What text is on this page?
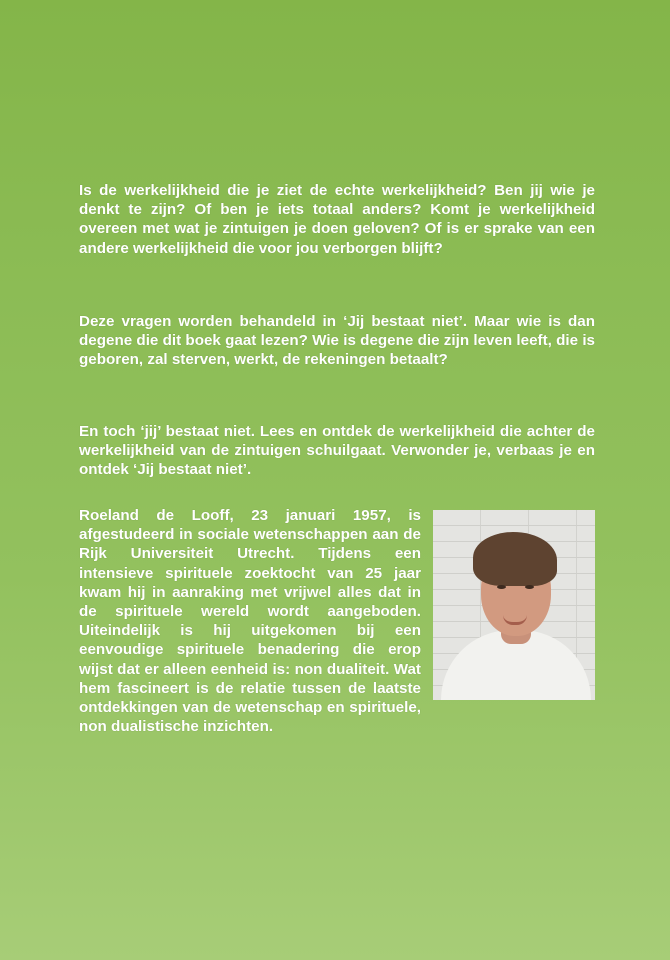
Is de werkelijkheid die je ziet de echte werkelijkheid? Ben jij wie je denkt te zijn? Of ben je iets totaal anders? Komt je werkelijkheid overeen met wat je zintuigen je doen geloven? Of is er sprake van een andere werkelijkheid die voor jou verborgen blijft?

Deze vragen worden behandeld in ‘Jij bestaat niet’. Maar wie is dan degene die dit boek gaat lezen? Wie is degene die zijn leven leeft, die is geboren, zal sterven, werkt, de rekeningen betaalt?

En toch ‘jij’ bestaat niet. Lees en ontdek de werkelijkheid die achter de werkelijkheid van de zintuigen schuilgaat. Verwonder je, verbaas je en ontdek ‘Jij bestaat niet’.

Roeland de Looff, 23 januari 1957, is afgestudeerd in sociale wetenschappen aan de Rijk Universiteit Utrecht. Tijdens een intensieve spirituele zoektocht van 25 jaar kwam hij in aanraking met vrijwel alles dat in de spirituele wereld wordt aangeboden. Uiteindelijk is hij uitgekomen bij een eenvoudige spirituele benadering die erop wijst dat er alleen eenheid is: non dualiteit. Wat hem fascineert is de relatie tussen de laatste ontdekkingen van de wetenschap en spirituele, non dualistische inzichten.
